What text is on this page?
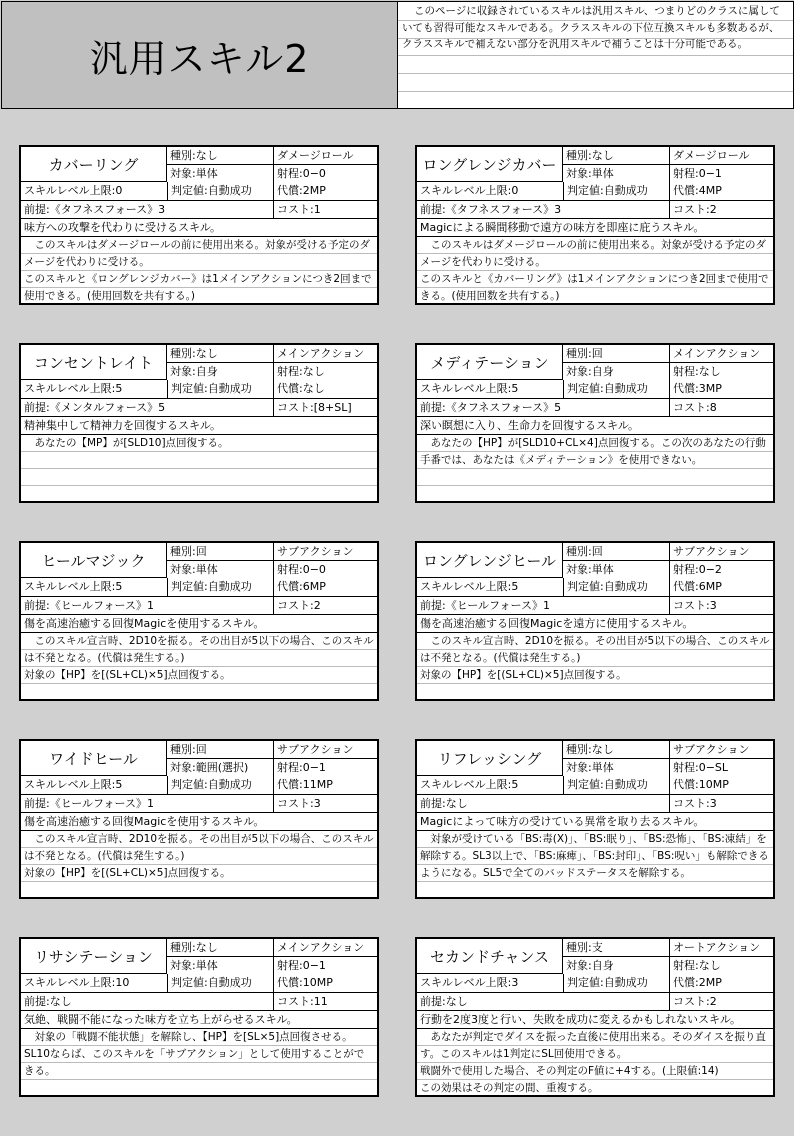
汎用スキル2
このページに収録されているスキルは汎用スキル、つまりどのクラスに属していても習得可能なスキルである。クラススキルの下位互換スキルも多数あるが、クラススキルで補えない部分を汎用スキルで補うことは十分可能である。
カバーリング	種別:なし	ダメージロール
対象:単体	射程:0−0
スキルレベル上限:0	判定値:自動成功	代償:2MP
前提:《タフネスフォース》3	コスト:1
味方への攻撃を代わりに受けるスキル。
　このスキルはダメージロールの前に使用出来る。対象が受ける予定のダメージを代わりに受ける。
このスキルと《ロングレンジカバー》は1メインアクションにつき2回まで使用できる。(使用回数を共有する。)
ロングレンジカバー 種別:なし	ダメージロール
対象:単体	射程:0−1
スキルレベル上限:0	判定値:自動成功	代償:4MP
前提:《タフネスフォース》3	コスト:2
Magicによる瞬間移動で遠方の味方を即座に庇うスキル。
　このスキルはダメージロールの前に使用出来る。対象が受ける予定のダメージを代わりに受ける。
このスキルと《カバーリング》は1メインアクションにつき2回まで使用できる。(使用回数を共有する。)
コンセントレイト	種別:なし	メインアクション
対象:自身	射程:なし
スキルレベル上限:5	判定値:自動成功	代償:なし
前提:《メンタルフォース》5	コスト:[8+SL]
精神集中して精神力を回復するスキル。
　あなたの【MP】が[SLD10]点回復する。
メディテーション	種別:回	メインアクション
対象:自身	射程:なし
スキルレベル上限:5	判定値:自動成功	代償:3MP
前提:《タフネスフォース》5	コスト:8
深い瞑想に入り、生命力を回復するスキル。
　あなたの【HP】が[SLD10+CL×4]点回復する。この次のあなたの行動手番では、あなたは《メディテーション》を使用できない。
ヒールマジック	種別:回	サブアクション
対象:単体	射程:0−0
スキルレベル上限:5	判定値:自動成功	代償:6MP
前提:《ヒールフォース》1	コスト:2
傷を高速治癒する回復Magicを使用するスキル。
　このスキル宣言時、2D10を振る。その出目が5以下の場合、このスキルは不発となる。(代償は発生する。)
対象の【HP】を[(SL+CL)×5]点回復する。
ロングレンジヒール 種別:回	サブアクション
対象:単体	射程:0−2
スキルレベル上限:5	判定値:自動成功	代償:6MP
前提:《ヒールフォース》1	コスト:3
傷を高速治癒する回復Magicを遠方に使用するスキル。
　このスキル宣言時、2D10を振る。その出目が5以下の場合、このスキルは不発となる。(代償は発生する。)
対象の【HP】を[(SL+CL)×5]点回復する。
ワイドヒール	種別:回	サブアクション
対象:範囲(選択)	射程:0−1
スキルレベル上限:5	判定値:自動成功	代償:11MP
前提:《ヒールフォース》1	コスト:3
傷を高速治癒する回復Magicを使用するスキル。
　このスキル宣言時、2D10を振る。その出目が5以下の場合、このスキルは不発となる。(代償は発生する。)
対象の【HP】を[(SL+CL)×5]点回復する。
リフレッシング	種別:なし	サブアクション
対象:単体	射程:0−SL
スキルレベル上限:5	判定値:自動成功	代償:10MP
前提:なし	コスト:3
Magicによって味方の受けている異常を取り去るスキル。
　対象が受けている「BS:毒(X)」、「BS:眠り」、「BS:恐怖」、「BS:凍結」を解除する。SL3以上で、「BS:麻痺」、「BS:封印」、「BS:呪い」も解除できるようになる。SL5で全てのバッドステータスを解除する。
リサシテーション	種別:なし	メインアクション
対象:単体	射程:0−1
スキルレベル上限:10	判定値:自動成功	代償:10MP
前提:なし	コスト:11
気絶、戦闘不能になった味方を立ち上がらせるスキル。
　対象の「戦闘不能状態」を解除し、【HP】を[SL×5]点回復させる。SL10ならば、このスキルを「サブアクション」として使用することができる。
セカンドチャンス	種別:支	オートアクション
対象:自身	射程:なし
スキルレベル上限:3	判定値:自動成功	代償:2MP
前提:なし	コスト:2
行動を2度3度と行い、失敗を成功に変えるかもしれないスキル。
　あなたが判定でダイスを振った直後に使用出来る。そのダイスを振り直す。このスキルは1判定にSL回使用できる。
戦闘外で使用した場合、その判定のF値に+4する。(上限値:14)
この効果はその判定の間、重複する。
